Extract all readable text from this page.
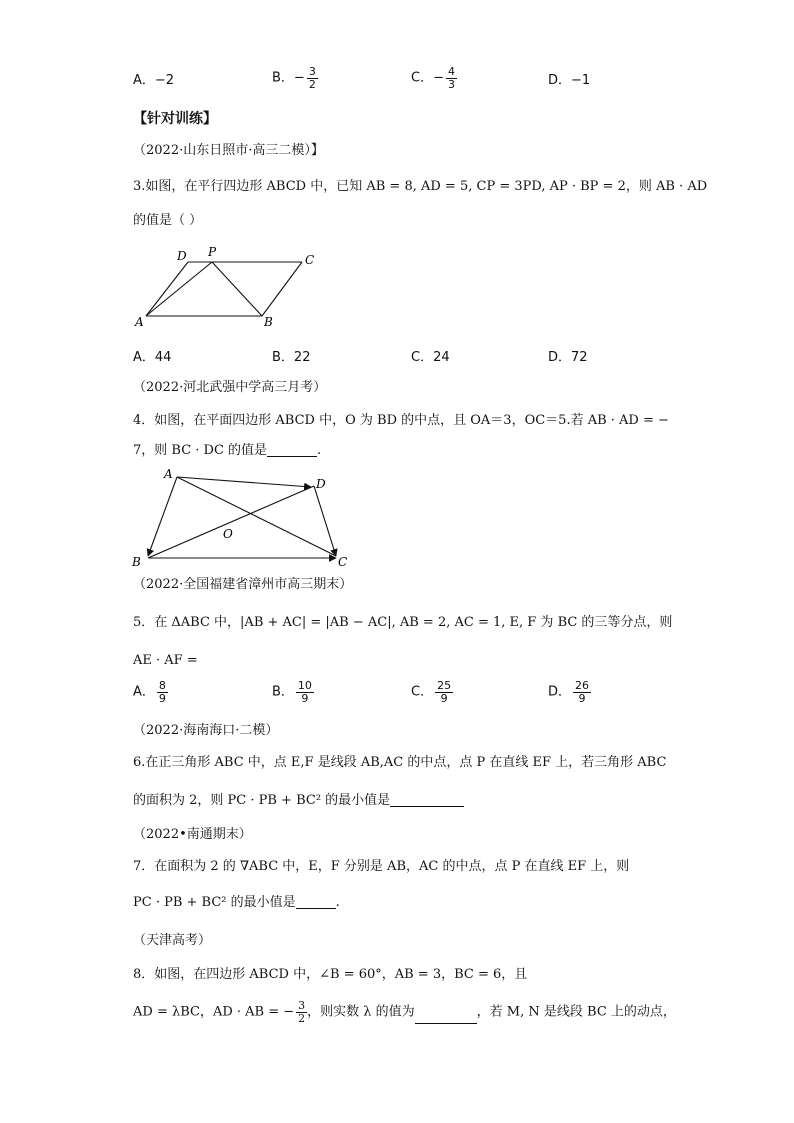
A．−2	B．− $\frac{3}{2}$	C．− $\frac{4}{3}$	D．−1
【针对训练】
（2022·山东日照市·高三二模）】
3.如图，在平行四边形 ABCD 中，已知 AB = 8, AD = 5, CP = 3PD, AP · BP = 2，则 AB · AD
的值是（ ）
D P
C
A	B
A．44	B．22	C．24	D．72
（2022·河北武强中学高三月考）
4．如图，在平面四边形 ABCD 中，O 为 BD 的中点，且 OA＝3，OC＝5.若 AB · AD = −
7，则 BC · DC 的值是	.
A
D
O
B	C
（2022·全国福建省漳州市高三期末）
5．在 ΔABC 中，|AB + AC| = |AB − AC|, AB = 2, AC = 1, E, F 为 BC 的三等分点，则
AE · AF =
A． $\frac{8}{9}$	B． $\frac{10}{9}$	C． $\frac{25}{9}$	D． $\frac{26}{9}$
（2022·海南海口·二模）
6.在正三角形 ABC 中，点 E,F 是线段 AB,AC 的中点，点 P 在直线 EF 上，若三角形 ABC
的面积为 2，则 PC · PB + BC² 的最小值是
（2022•南通期末）
7．在面积为 2 的 ∇ABC 中，E，F 分别是 AB，AC 的中点，点 P 在直线 EF 上，则
PC · PB + BC² 的最小值是	.
（天津高考）
8．如图，在四边形 ABCD 中，∠B = 60°，AB = 3，BC = 6，且
AD = λBC，AD · AB = − $\frac{3}{2}$ ，则实数 λ 的值为	，若 M, N 是线段 BC 上的动点，
